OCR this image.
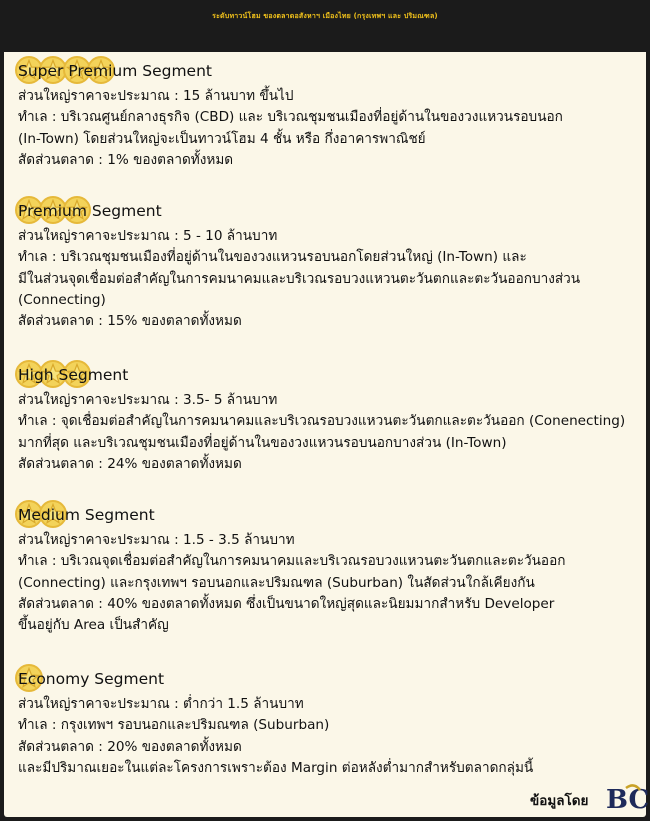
ระดับทาวน์โฮม ของตลาดอสังหาฯ เมืองไทย (กรุงเทพฯ และ ปริมณฑล)
Super Premium Segment
ส่วนใหญ่ราคาจะประมาณ : 15 ล้านบาท ขึ้นไป
ทำเล : บริเวณศูนย์กลางธุรกิจ (CBD) และ บริเวณชุมชนเมืองที่อยู่ด้านในของวงแหวนรอบนอก
(In-Town) โดยส่วนใหญ่จะเป็นทาวน์โฮม 4 ชั้น หรือ กึ่งอาคารพาณิชย์
สัดส่วนตลาด : 1% ของตลาดทั้งหมด
Premium Segment
ส่วนใหญ่ราคาจะประมาณ : 5 - 10 ล้านบาท
ทำเล : บริเวณชุมชนเมืองที่อยู่ด้านในของวงแหวนรอบนอกโดยส่วนใหญ่ (In-Town) และ
มีในส่วนจุดเชื่อมต่อสำคัญในการคมนาคมและบริเวณรอบวงแหวนตะวันตกและตะวันออกบางส่วน
(Connecting)
สัดส่วนตลาด : 15% ของตลาดทั้งหมด
High Segment
ส่วนใหญ่ราคาจะประมาณ : 3.5- 5 ล้านบาท
ทำเล : จุดเชื่อมต่อสำคัญในการคมนาคมและบริเวณรอบวงแหวนตะวันตกและตะวันออก (Conenecting)
มากที่สุด และบริเวณชุมชนเมืองที่อยู่ด้านในของวงแหวนรอบนอกบางส่วน (In-Town)
สัดส่วนตลาด : 24% ของตลาดทั้งหมด
Medium Segment
ส่วนใหญ่ราคาจะประมาณ : 1.5 - 3.5 ล้านบาท
ทำเล : บริเวณจุดเชื่อมต่อสำคัญในการคมนาคมและบริเวณรอบวงแหวนตะวันตกและตะวันออก
(Connecting) และกรุงเทพฯ รอบนอกและปริมณฑล (Suburban) ในสัดส่วนใกล้เคียงกัน
สัดส่วนตลาด : 40% ของตลาดทั้งหมด ซึ่งเป็นขนาดใหญ่สุดและนิยมมากสำหรับ Developer
ขึ้นอยู่กับ Area เป็นสำคัญ
Economy Segment
ส่วนใหญ่ราคาจะประมาณ : ต่ำกว่า 1.5 ล้านบาท
ทำเล : กรุงเทพฯ รอบนอกและปริมณฑล (Suburban)
สัดส่วนตลาด : 20% ของตลาดทั้งหมด
และมีปริมาณเยอะในแต่ละโครงการเพราะต้อง Margin ต่อหลังต่ำมากสำหรับตลาดกลุ่มนี้
ข้อมูลโดย BC
